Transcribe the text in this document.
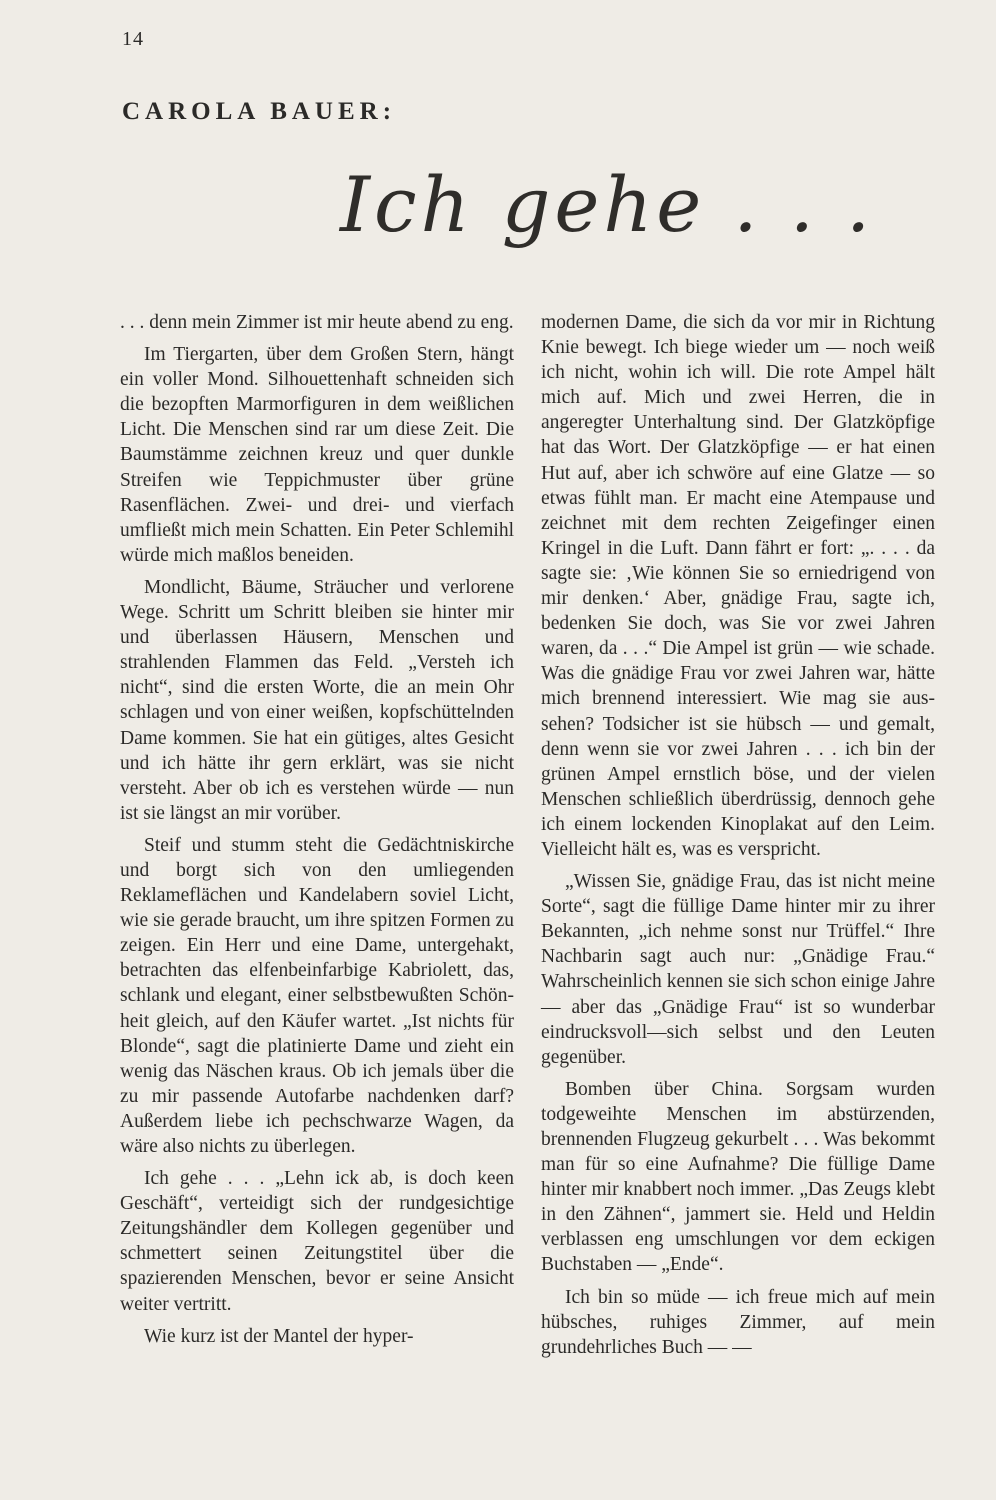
14
CAROLA BAUER:
Ich gehe . . .

. . . denn mein Zimmer ist mir heute abend zu eng.

Im Tiergarten, über dem Großen Stern, hängt ein voller Mond. Silhouettenhaft schneiden sich die bezopften Marmorfiguren in dem weißlichen Licht. Die Menschen sind rar um diese Zeit. Die Baumstämme zeichnen kreuz und quer dunkle Streifen wie Teppichmuster über grüne Rasenflächen. Zwei- und drei- und vierfach umfließt mich mein Schatten. Ein Peter Schlemihl würde mich maßlos beneiden.

Mondlicht, Bäume, Sträucher und verlorene Wege. Schritt um Schritt bleiben sie hinter mir und überlassen Häusern, Menschen und strahlenden Flammen das Feld. „Versteh ich nicht“, sind die ersten Worte, die an mein Ohr schlagen und von einer weißen, kopfschüttelnden Dame kommen. Sie hat ein gütiges, altes Gesicht und ich hätte ihr gern erklärt, was sie nicht versteht. Aber ob ich es verstehen würde — nun ist sie längst an mir vorüber.

Steif und stumm steht die Gedächtniskirche und borgt sich von den umliegenden Reklameflächen und Kandelabern soviel Licht, wie sie gerade braucht, um ihre spitzen Formen zu zeigen. Ein Herr und eine Dame, untergehakt, betrachten das elfenbeinfarbige Kabriolett, das, schlank und elegant, einer selbstbewußten Schönheit gleich, auf den Käufer wartet. „Ist nichts für Blonde“, sagt die platinierte Dame und zieht ein wenig das Näschen kraus. Ob ich jemals über die zu mir passende Autofarbe nachdenken darf? Außerdem liebe ich pechschwarze Wagen, da wäre also nichts zu überlegen.

Ich gehe . . . „Lehn ick ab, is doch keen Geschäft“, verteidigt sich der rundgesichtige Zeitungshändler dem Kollegen gegenüber und schmettert seinen Zeitungstitel über die spazierenden Menschen, bevor er seine Ansicht weiter vertritt.

Wie kurz ist der Mantel der hyper-

modernen Dame, die sich da vor mir in Richtung Knie bewegt. Ich biege wieder um — noch weiß ich nicht, wohin ich will. Die rote Ampel hält mich auf. Mich und zwei Herren, die in angeregter Unterhaltung sind. Der Glatzköpfige hat das Wort. Der Glatzköpfige — er hat einen Hut auf, aber ich schwöre auf eine Glatze — so etwas fühlt man. Er macht eine Atempause und zeichnet mit dem rechten Zeigefinger einen Kringel in die Luft. Dann fährt er fort: „. . . . da sagte sie: ‚Wie können Sie so erniedrigend von mir denken.‘ Aber, gnädige Frau, sagte ich, bedenken Sie doch, was Sie vor zwei Jahren waren, da . . .“ Die Ampel ist grün — wie schade. Was die gnädige Frau vor zwei Jahren war, hätte mich brennend interessiert. Wie mag sie aussehen? Todsicher ist sie hübsch — und gemalt, denn wenn sie vor zwei Jahren . . . ich bin der grünen Ampel ernstlich böse, und der vielen Menschen schließlich überdrüssig, dennoch gehe ich einem lockenden Kinoplakat auf den Leim. Vielleicht hält es, was es verspricht.

„Wissen Sie, gnädige Frau, das ist nicht meine Sorte“, sagt die füllige Dame hinter mir zu ihrer Bekannten, „ich nehme sonst nur Trüffel.“ Ihre Nachbarin sagt auch nur: „Gnädige Frau.“ Wahrscheinlich kennen sie sich schon einige Jahre — aber das „Gnädige Frau“ ist so wunderbar eindrucksvoll—sich selbst und den Leuten gegenüber.

Bomben über China. Sorgsam wurden todgeweihte Menschen im abstürzenden, brennenden Flugzeug gekurbelt . . . Was bekommt man für so eine Aufnahme? Die füllige Dame hinter mir knabbert noch immer. „Das Zeugs klebt in den Zähnen“, jammert sie. Held und Heldin verblassen eng umschlungen vor dem eckigen Buchstaben — „Ende“.

Ich bin so müde — ich freue mich auf mein hübsches, ruhiges Zimmer, auf mein grundehrliches Buch — —
